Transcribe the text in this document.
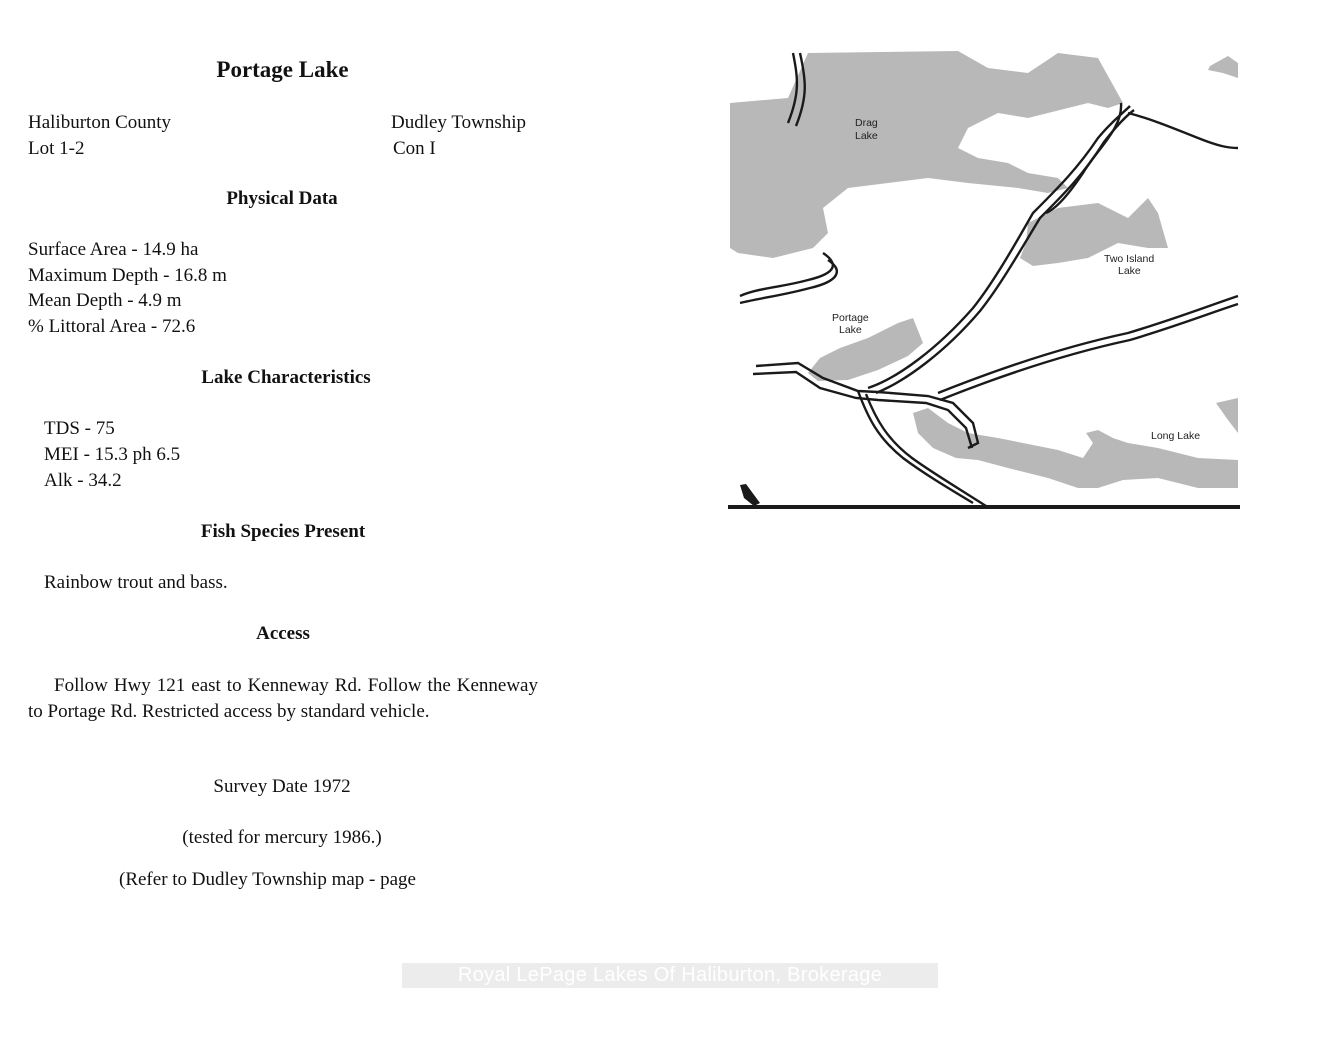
Portage Lake
Haliburton County	Dudley Township
Lot 1-2	Con I
Physical Data
Surface Area - 14.9 ha
Maximum Depth - 16.8 m
Mean Depth - 4.9 m
% Littoral Area - 72.6
Lake Characteristics
TDS - 75
MEI - 15.3 ph 6.5
Alk - 34.2
Fish Species Present
Rainbow trout and bass.
Access
Follow Hwy 121 east to Kenneway Rd. Follow the Kenneway to Portage Rd. Restricted access by standard vehicle.
Survey Date 1972
(tested for mercury 1986.)
(Refer to Dudley Township map - page
Drag
Lake
Two Island
Lake
Portage
Lake
Long Lake
Royal LePage Lakes Of Haliburton, Brokerage
